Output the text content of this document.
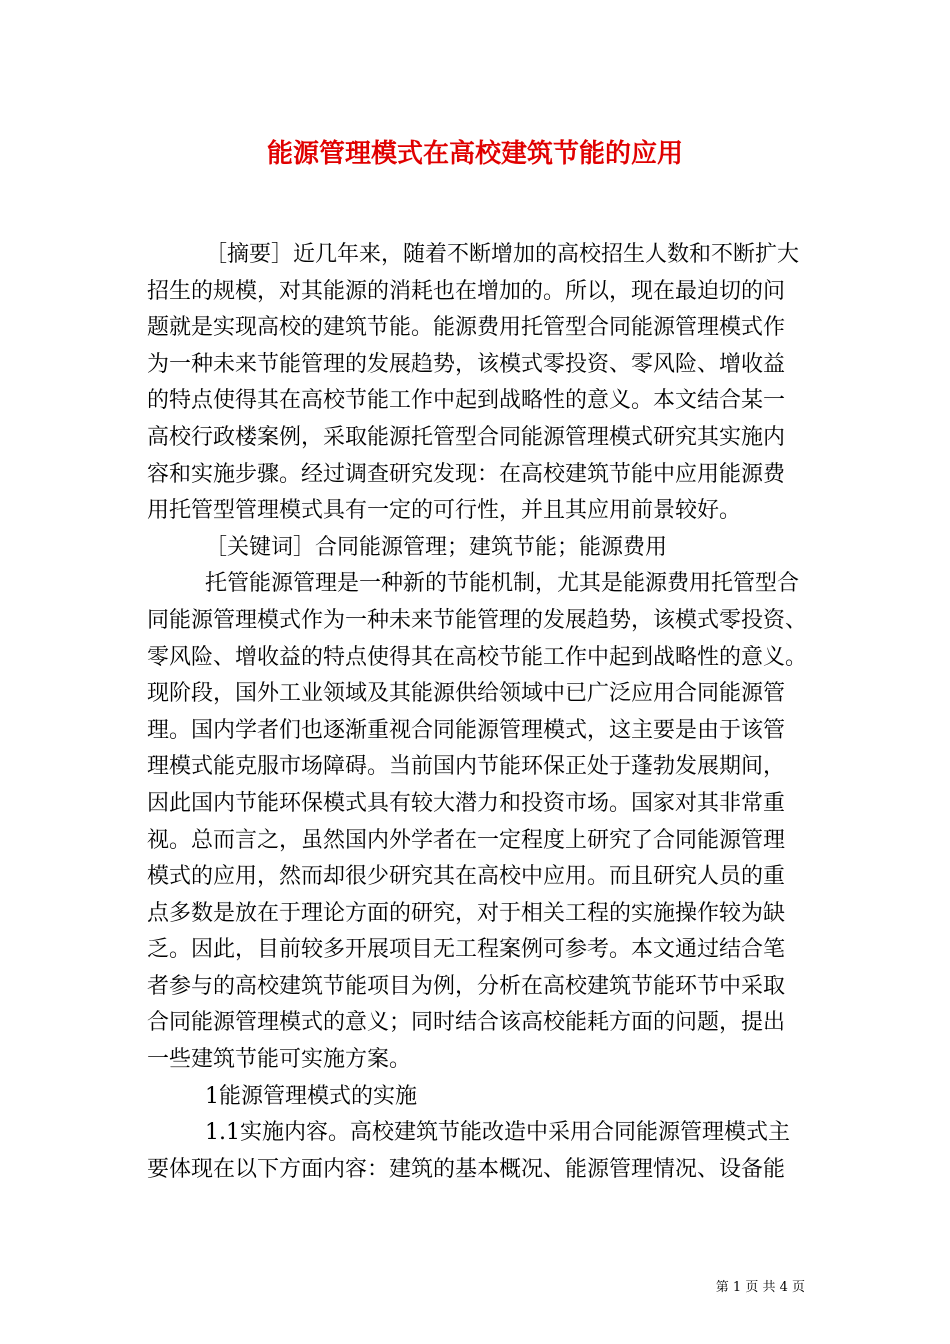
能源管理模式在高校建筑节能的应用
［摘要］近几年来，随着不断增加的高校招生人数和不断扩大
招生的规模，对其能源的消耗也在增加的。所以，现在最迫切的问
题就是实现高校的建筑节能。能源费用托管型合同能源管理模式作
为一种未来节能管理的发展趋势，该模式零投资、零风险、增收益
的特点使得其在高校节能工作中起到战略性的意义。本文结合某一
高校行政楼案例，采取能源托管型合同能源管理模式研究其实施内
容和实施步骤。经过调查研究发现：在高校建筑节能中应用能源费
用托管型管理模式具有一定的可行性，并且其应用前景较好。
［关键词］合同能源管理；建筑节能；能源费用
托管能源管理是一种新的节能机制，尤其是能源费用托管型合
同能源管理模式作为一种未来节能管理的发展趋势，该模式零投资、
零风险、增收益的特点使得其在高校节能工作中起到战略性的意义。
现阶段，国外工业领域及其能源供给领域中已广泛应用合同能源管
理。国内学者们也逐渐重视合同能源管理模式，这主要是由于该管
理模式能克服市场障碍。当前国内节能环保正处于蓬勃发展期间，
因此国内节能环保模式具有较大潜力和投资市场。国家对其非常重
视。总而言之，虽然国内外学者在一定程度上研究了合同能源管理
模式的应用，然而却很少研究其在高校中应用。而且研究人员的重
点多数是放在于理论方面的研究，对于相关工程的实施操作较为缺
乏。因此，目前较多开展项目无工程案例可参考。本文通过结合笔
者参与的高校建筑节能项目为例，分析在高校建筑节能环节中采取
合同能源管理模式的意义；同时结合该高校能耗方面的问题，提出
一些建筑节能可实施方案。
1能源管理模式的实施
1.1实施内容。高校建筑节能改造中采用合同能源管理模式主
要体现在以下方面内容：建筑的基本概况、能源管理情况、设备能
第 1 页 共 4 页
